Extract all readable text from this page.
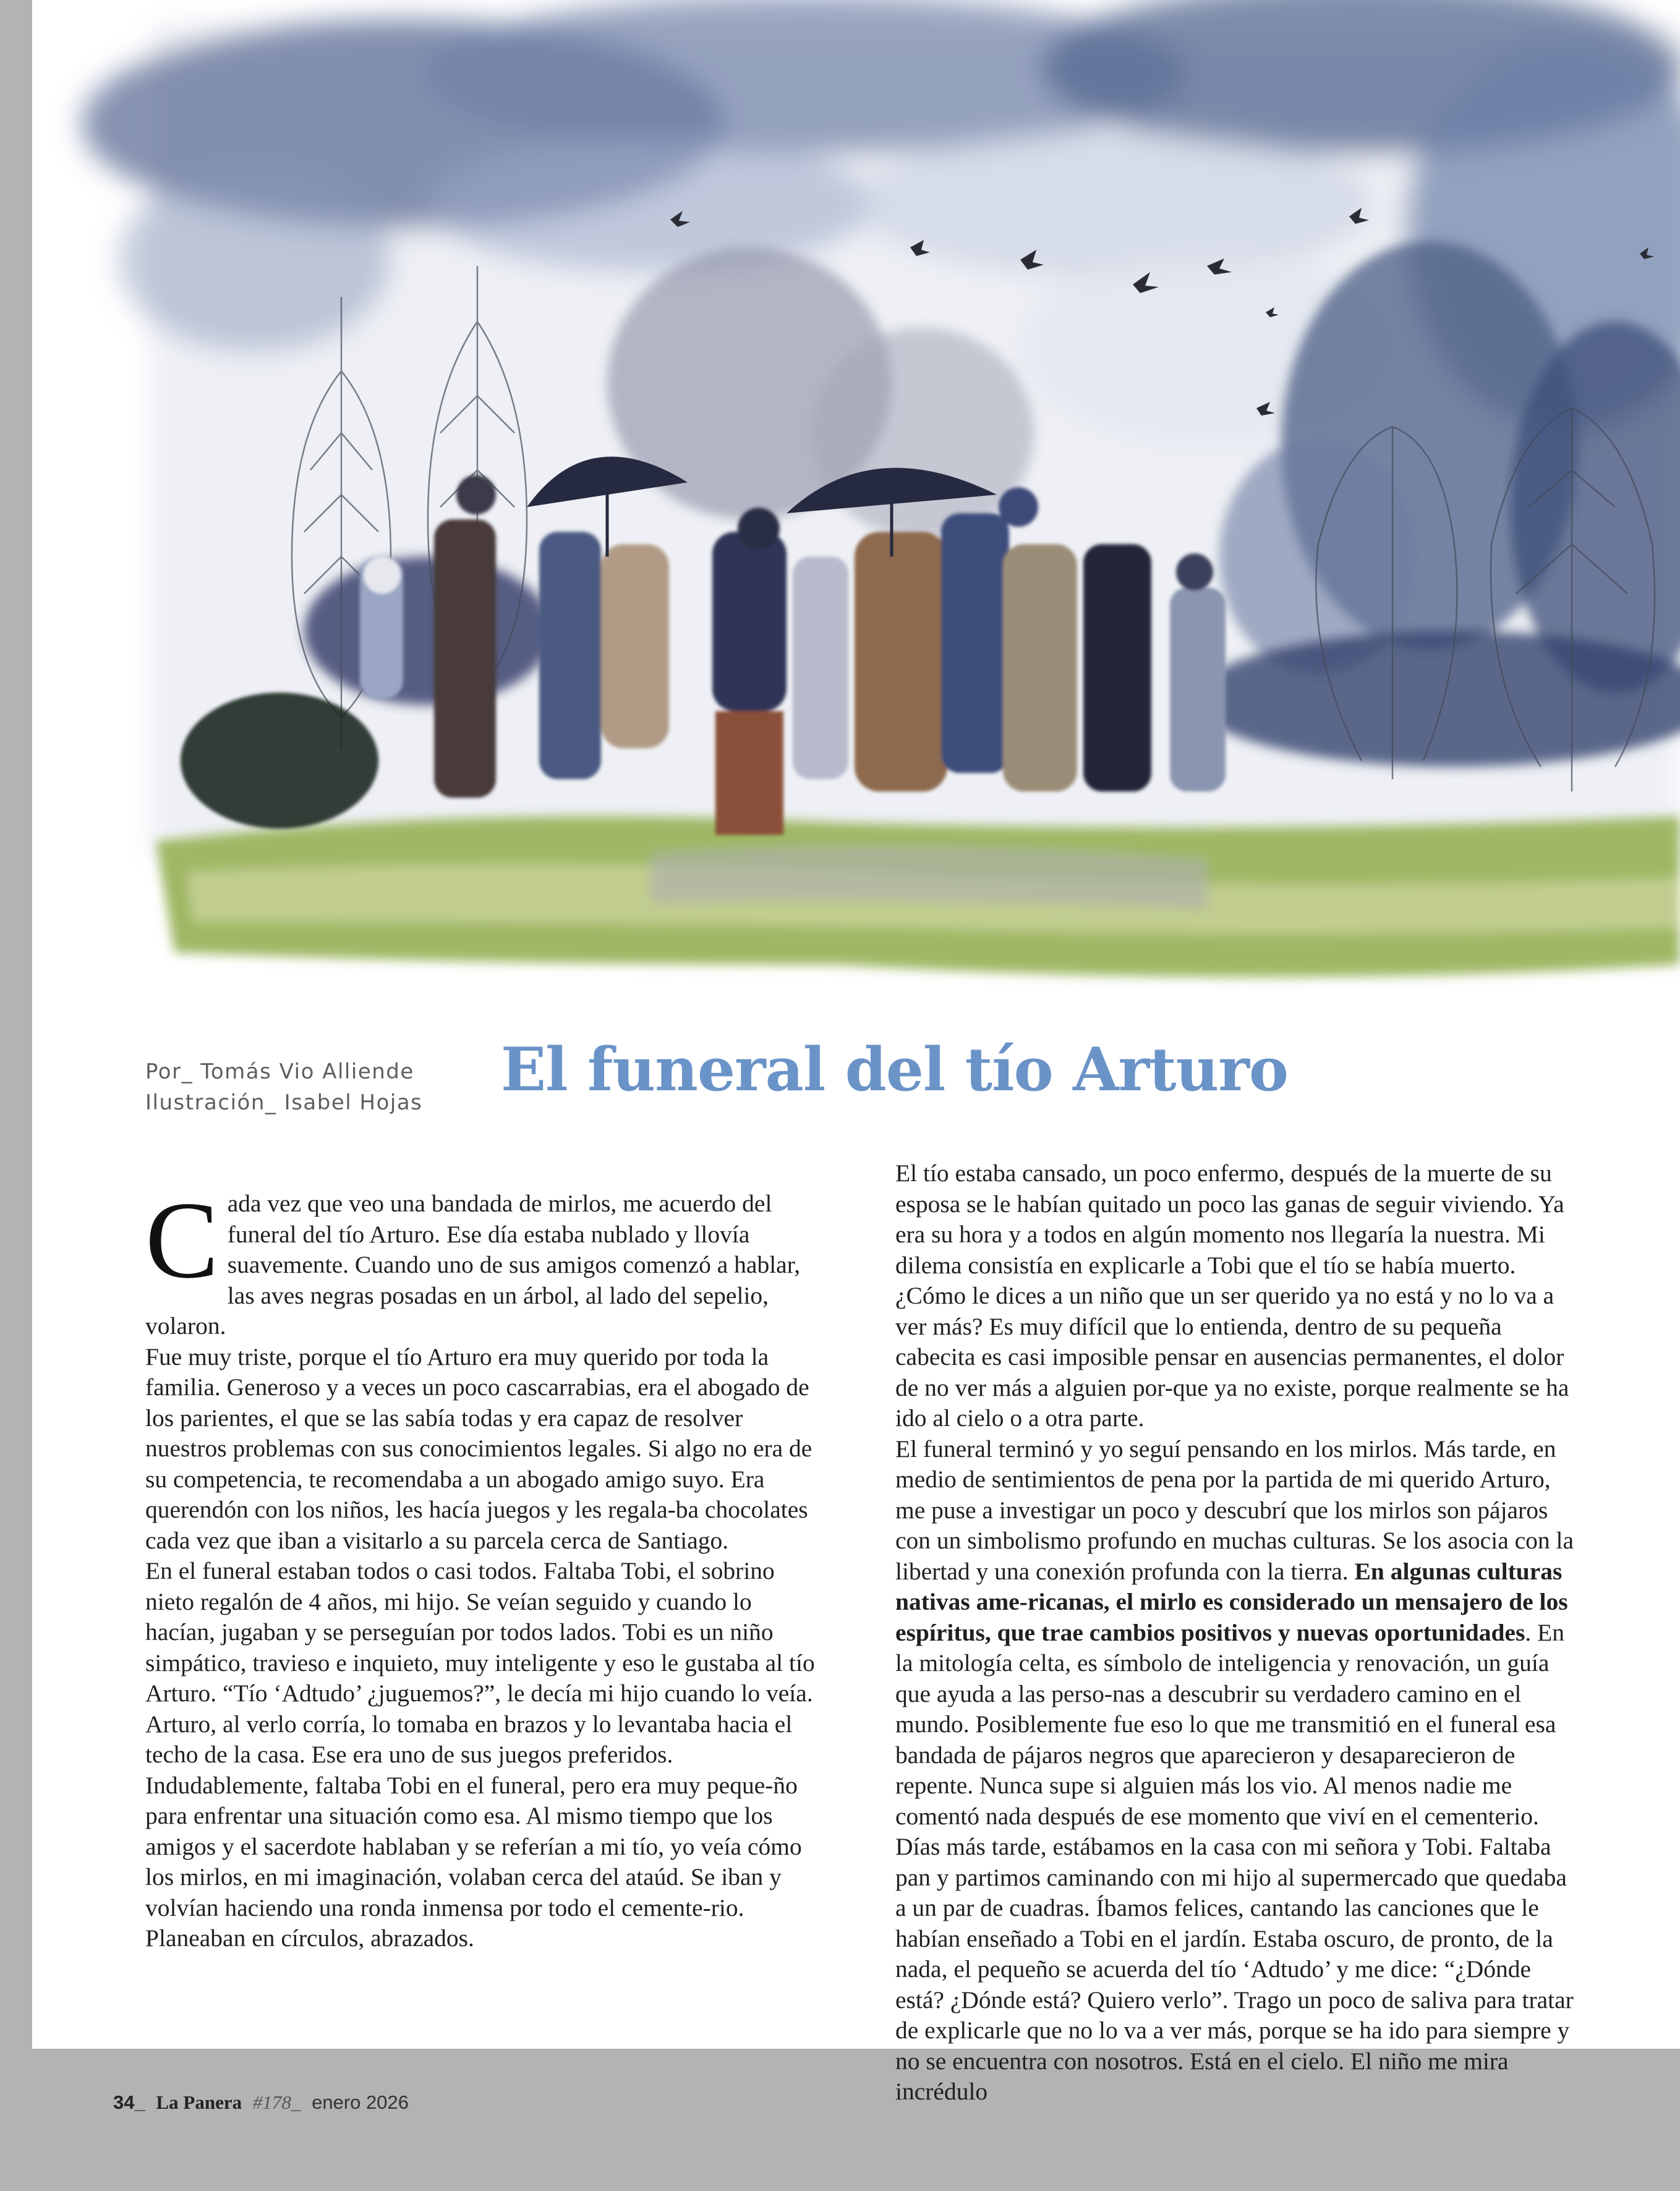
Por_ Tomás Vio Alliende
Ilustración_ Isabel Hojas El funeral del tío Arturo

Cada vez que veo una bandada de mirlos, me acuerdo del funeral del tío Arturo. Ese día estaba nublado y llovía suavemente. Cuando uno de sus amigos comenzó a hablar, las aves negras posadas en un árbol, al lado del sepelio, volaron.

Fue muy triste, porque el tío Arturo era muy querido por toda la familia. Generoso y a veces un poco cascarrabias, era el abogado de los parientes, el que se las sabía todas y era capaz de resolver nuestros problemas con sus conocimientos legales. Si algo no era de su competencia, te recomendaba a un abogado amigo suyo. Era querendón con los niños, les hacía juegos y les regala-ba chocolates cada vez que iban a visitarlo a su parcela cerca de Santiago.

En el funeral estaban todos o casi todos. Faltaba Tobi, el sobrino nieto regalón de 4 años, mi hijo. Se veían seguido y cuando lo hacían, jugaban y se perseguían por todos lados. Tobi es un niño simpático, travieso e inquieto, muy inteligente y eso le gustaba al tío Arturo. “Tío ‘Adtudo’ ¿juguemos?”, le decía mi hijo cuando lo veía. Arturo, al verlo corría, lo tomaba en brazos y lo levantaba hacia el techo de la casa. Ese era uno de sus juegos preferidos. Indudablemente, faltaba Tobi en el funeral, pero era muy peque-ño para enfrentar una situación como esa. Al mismo tiempo que los amigos y el sacerdote hablaban y se referían a mi tío, yo veía cómo los mirlos, en mi imaginación, volaban cerca del ataúd. Se iban y volvían haciendo una ronda inmensa por todo el cemente-rio. Planeaban en círculos, abrazados.

El tío estaba cansado, un poco enfermo, después de la muerte de su esposa se le habían quitado un poco las ganas de seguir viviendo. Ya era su hora y a todos en algún momento nos llegaría la nuestra. Mi dilema consistía en explicarle a Tobi que el tío se había muerto. ¿Cómo le dices a un niño que un ser querido ya no está y no lo va a ver más? Es muy difícil que lo entienda, dentro de su pequeña cabecita es casi imposible pensar en ausencias permanentes, el dolor de no ver más a alguien por-que ya no existe, porque realmente se ha ido al cielo o a otra parte.

El funeral terminó y yo seguí pensando en los mirlos. Más tarde, en medio de sentimientos de pena por la partida de mi querido Arturo, me puse a investigar un poco y descubrí que los mirlos son pájaros con un simbolismo profundo en muchas culturas. Se los asocia con la libertad y una conexión profunda con la tierra. En algunas culturas nativas ame-ricanas, el mirlo es considerado un mensajero de los espíritus, que trae cambios positivos y nuevas oportunidades. En la mitología celta, es símbolo de inteligencia y renovación, un guía que ayuda a las perso-nas a descubrir su verdadero camino en el mundo. Posiblemente fue eso lo que me transmitió en el funeral esa bandada de pájaros negros que aparecieron y desaparecieron de repente. Nunca supe si alguien más los vio. Al menos nadie me comentó nada después de ese momento que viví en el cementerio. Días más tarde, estábamos en la casa con mi señora y Tobi. Faltaba pan y partimos caminando con mi hijo al supermercado que quedaba a un par de cuadras. Íbamos felices, cantando las canciones que le habían enseñado a Tobi en el jardín. Estaba oscuro, de pronto, de la nada, el pequeño se acuerda del tío ‘Adtudo’ y me dice: “¿Dónde está? ¿Dónde está? Quiero verlo”. Trago un poco de saliva para tratar de explicarle que no lo va a ver más, porque se ha ido para siempre y no se encuentra con nosotros. Está en el cielo. El niño me mira incrédulo

34_ La Panera #178_ enero 2026
